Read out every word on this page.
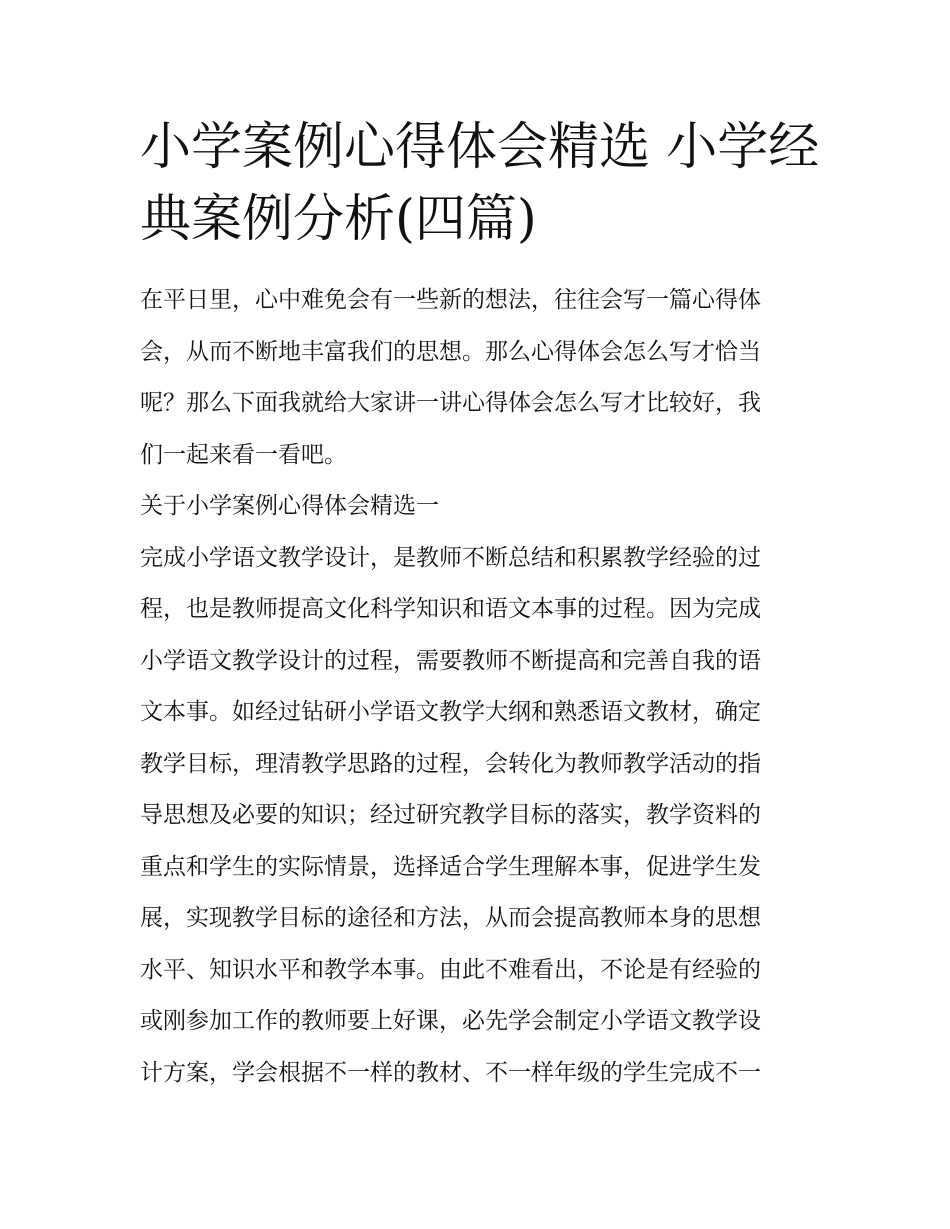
小学案例心得体会精选 小学经
典案例分析(四篇)
在平日里，心中难免会有一些新的想法，往往会写一篇心得体
会，从而不断地丰富我们的思想。那么心得体会怎么写才恰当
呢？那么下面我就给大家讲一讲心得体会怎么写才比较好，我
们一起来看一看吧。
关于小学案例心得体会精选一
完成小学语文教学设计，是教师不断总结和积累教学经验的过
程，也是教师提高文化科学知识和语文本事的过程。因为完成
小学语文教学设计的过程，需要教师不断提高和完善自我的语
文本事。如经过钻研小学语文教学大纲和熟悉语文教材，确定
教学目标，理清教学思路的过程，会转化为教师教学活动的指
导思想及必要的知识；经过研究教学目标的落实，教学资料的
重点和学生的实际情景，选择适合学生理解本事，促进学生发
展，实现教学目标的途径和方法，从而会提高教师本身的思想
水平、知识水平和教学本事。由此不难看出，不论是有经验的
或刚参加工作的教师要上好课，必先学会制定小学语文教学设
计方案，学会根据不一样的教材、不一样年级的学生完成不一
